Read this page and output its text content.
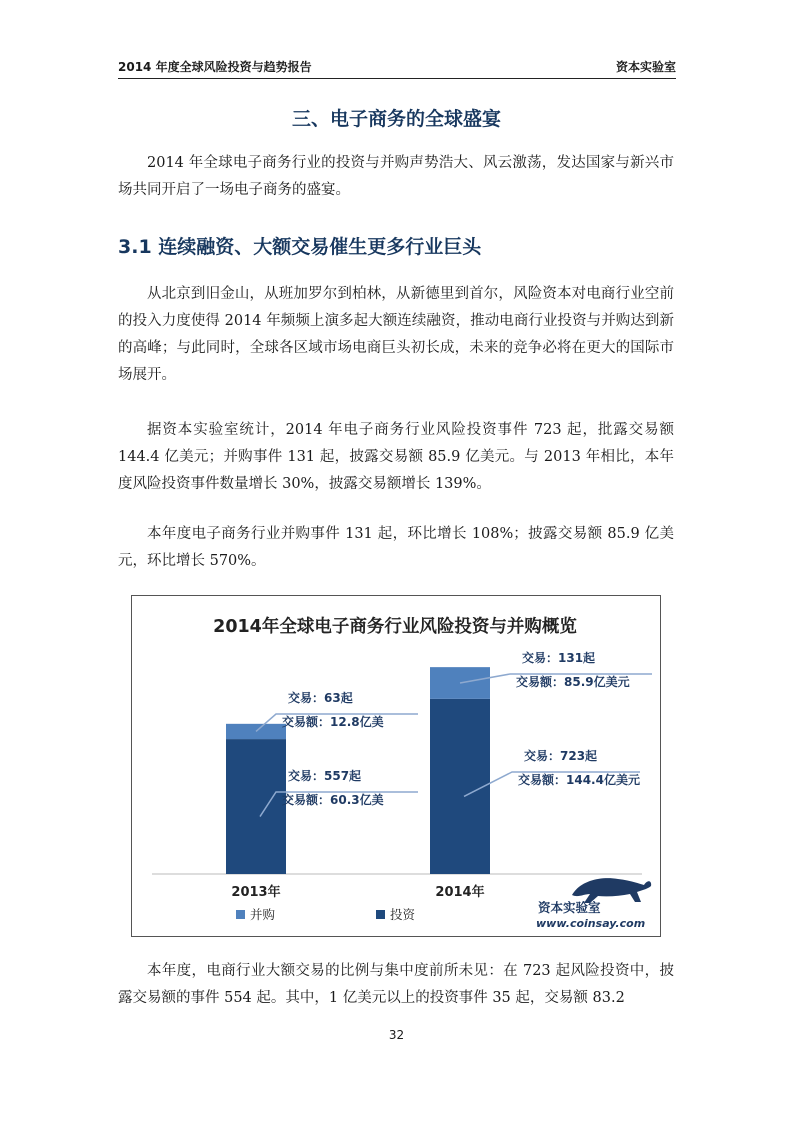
2014 年度全球风险投资与趋势报告	资本实验室
三、电子商务的全球盛宴
2014 年全球电子商务行业的投资与并购声势浩大、风云激荡，发达国家与新兴市场共同开启了一场电子商务的盛宴。
3.1 连续融资、大额交易催生更多行业巨头
从北京到旧金山，从班加罗尔到柏林，从新德里到首尔，风险资本对电商行业空前的投入力度使得 2014 年频频上演多起大额连续融资，推动电商行业投资与并购达到新的高峰；与此同时，全球各区域市场电商巨头初长成，未来的竞争必将在更大的国际市场展开。
据资本实验室统计，2014 年电子商务行业风险投资事件 723 起，批露交易额 144.4 亿美元；并购事件 131 起，披露交易额 85.9 亿美元。与 2013 年相比，本年度风险投资事件数量增长 30%，披露交易额增长 139%。
本年度电子商务行业并购事件 131 起，环比增长 108%；披露交易额 85.9 亿美元，环比增长 570%。
2014年全球电子商务行业风险投资与并购概览
交易：63起
交易额：12.8亿美
交易：557起
交易额：60.3亿美
交易：131起
交易额：85.9亿美元
交易：723起
交易额：144.4亿美元
2013年	2014年
并购	投资	资本实验室
www.coinsay.com
本年度，电商行业大额交易的比例与集中度前所未见：在 723 起风险投资中，披露交易额的事件 554 起。其中，1 亿美元以上的投资事件 35 起，交易额 83.2
32
